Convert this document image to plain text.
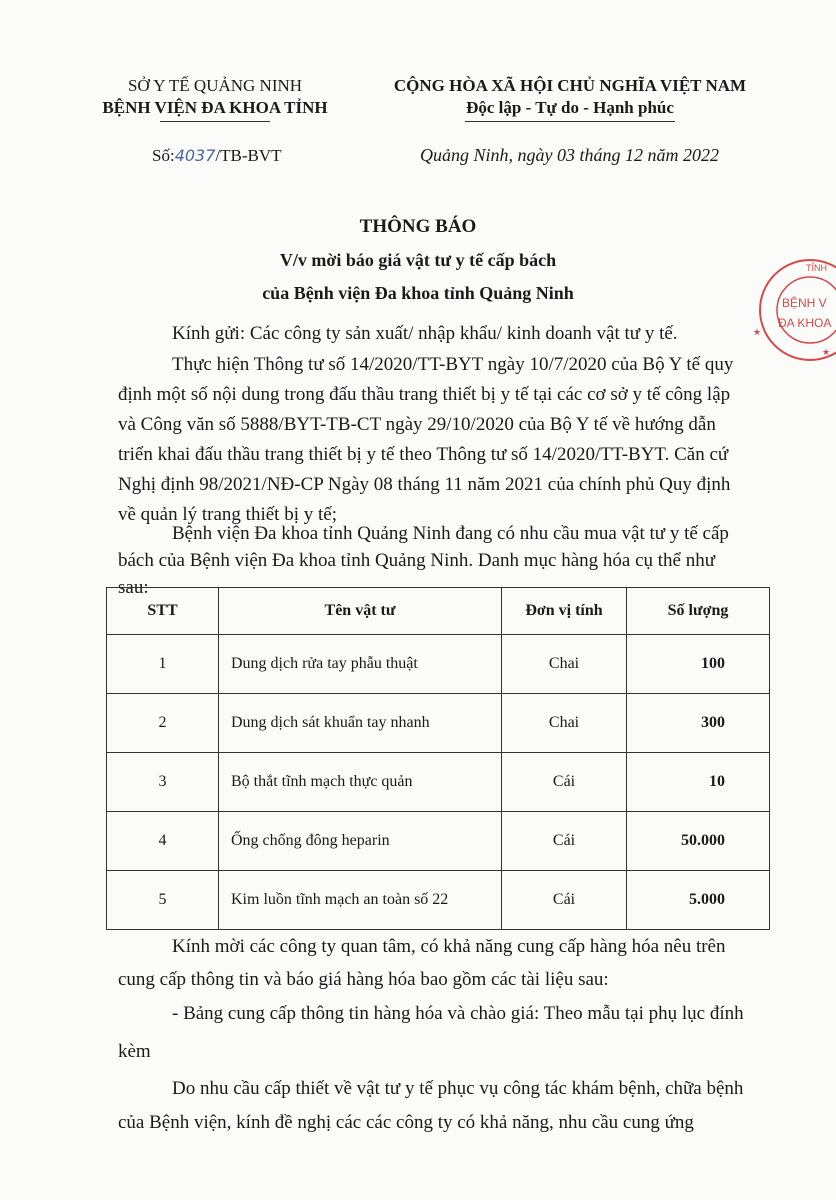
SỞ Y TẾ QUẢNG NINH
BỆNH VIỆN ĐA KHOA TỈNH
Số:4037/TB-BVT
CỘNG HÒA XÃ HỘI CHỦ NGHĨA VIỆT NAM
Độc lập - Tự do - Hạnh phúc
Quảng Ninh, ngày 03 tháng 12 năm 2022
THÔNG BÁO
V/v mời báo giá vật tư y tế cấp bách
của Bệnh viện Đa khoa tỉnh Quảng Ninh
TỈNH
BỆNH V
ĐA KHOA
★
★
Kính gửi: Các công ty sản xuất/ nhập khẩu/ kinh doanh vật tư y tế.
Thực hiện Thông tư số 14/2020/TT-BYT ngày 10/7/2020 của Bộ Y tế quy
định một số nội dung trong đấu thầu trang thiết bị y tế tại các cơ sở y tế công lập
và Công văn số 5888/BYT-TB-CT ngày 29/10/2020 của Bộ Y tế về hướng dẫn
triển khai đấu thầu trang thiết bị y tế theo Thông tư số 14/2020/TT-BYT. Căn cứ
Nghị định 98/2021/NĐ-CP Ngày 08 tháng 11 năm 2021 của chính phủ Quy định
về quản lý trang thiết bị y tế;
Bệnh viện Đa khoa tỉnh Quảng Ninh đang có nhu cầu mua vật tư y tế cấp
bách của Bệnh viện Đa khoa tỉnh Quảng Ninh. Danh mục hàng hóa cụ thể như
sau:
STT	Tên vật tư	Đơn vị tính	Số lượng
1	Dung dịch rửa tay phẫu thuật	Chai	100
2	Dung dịch sát khuẩn tay nhanh	Chai	300
3	Bộ thắt tĩnh mạch thực quản	Cái	10
4	Ống chống đông heparin	Cái	50.000
5	Kim luồn tĩnh mạch an toàn số 22	Cái	5.000
Kính mời các công ty quan tâm, có khả năng cung cấp hàng hóa nêu trên
cung cấp thông tin và báo giá hàng hóa bao gồm các tài liệu sau:
- Bảng cung cấp thông tin hàng hóa và chào giá: Theo mẫu tại phụ lục đính
kèm
Do nhu cầu cấp thiết về vật tư y tế phục vụ công tác khám bệnh, chữa bệnh
của Bệnh viện, kính đề nghị các các công ty có khả năng, nhu cầu cung ứng
